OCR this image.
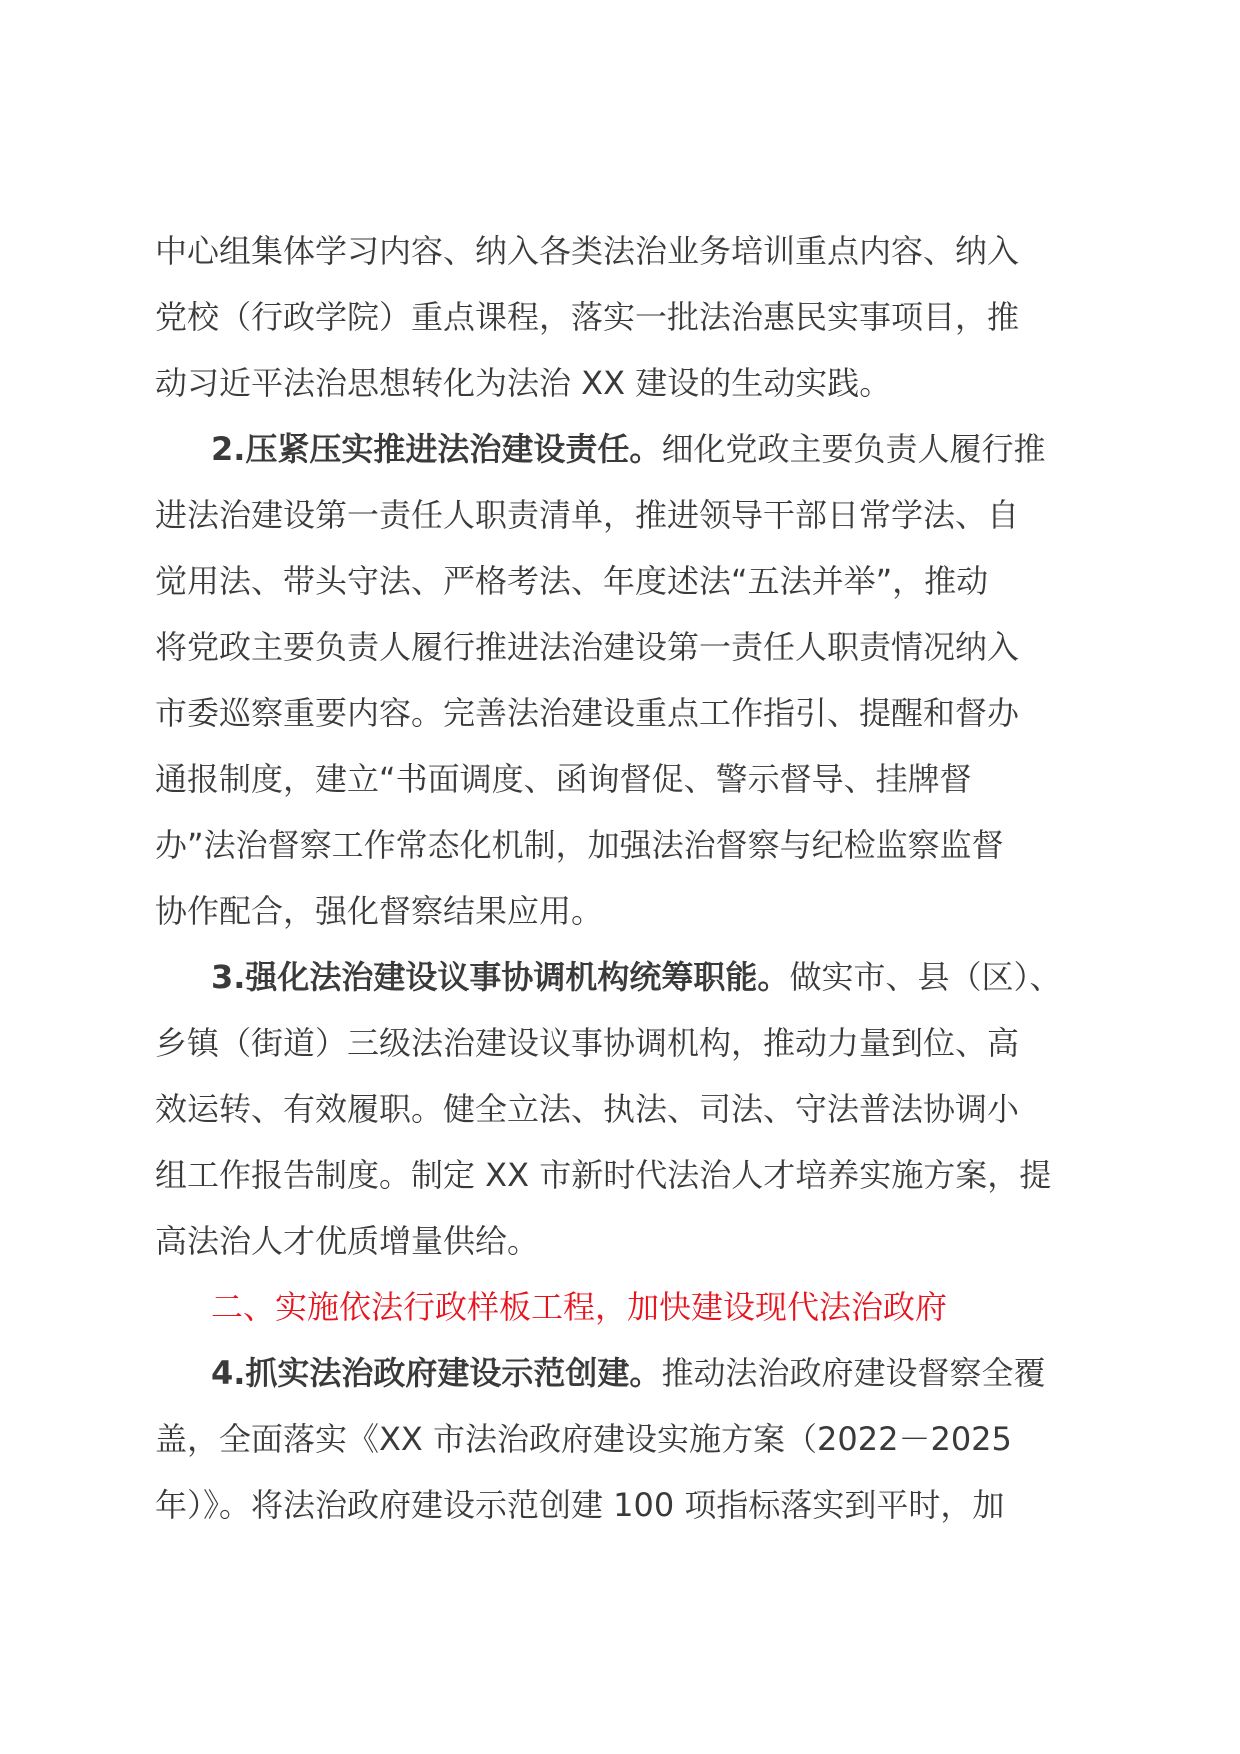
中心组集体学习内容、纳入各类法治业务培训重点内容、纳入
党校（行政学院）重点课程，落实一批法治惠民实事项目，推
动习近平法治思想转化为法治 XX 建设的生动实践。
2.压紧压实推进法治建设责任。细化党政主要负责人履行推
进法治建设第一责任人职责清单，推进领导干部日常学法、自
觉用法、带头守法、严格考法、年度述法“五法并举”，推动
将党政主要负责人履行推进法治建设第一责任人职责情况纳入
市委巡察重要内容。完善法治建设重点工作指引、提醒和督办
通报制度，建立“书面调度、函询督促、警示督导、挂牌督
办”法治督察工作常态化机制，加强法治督察与纪检监察监督
协作配合，强化督察结果应用。
3.强化法治建设议事协调机构统筹职能。做实市、县（区）、
乡镇（街道）三级法治建设议事协调机构，推动力量到位、高
效运转、有效履职。健全立法、执法、司法、守法普法协调小
组工作报告制度。制定 XX 市新时代法治人才培养实施方案，提
高法治人才优质增量供给。
二、实施依法行政样板工程，加快建设现代法治政府
4.抓实法治政府建设示范创建。推动法治政府建设督察全覆
盖，全面落实《XX 市法治政府建设实施方案（2022－2025
年）》。将法治政府建设示范创建 100 项指标落实到平时，加
